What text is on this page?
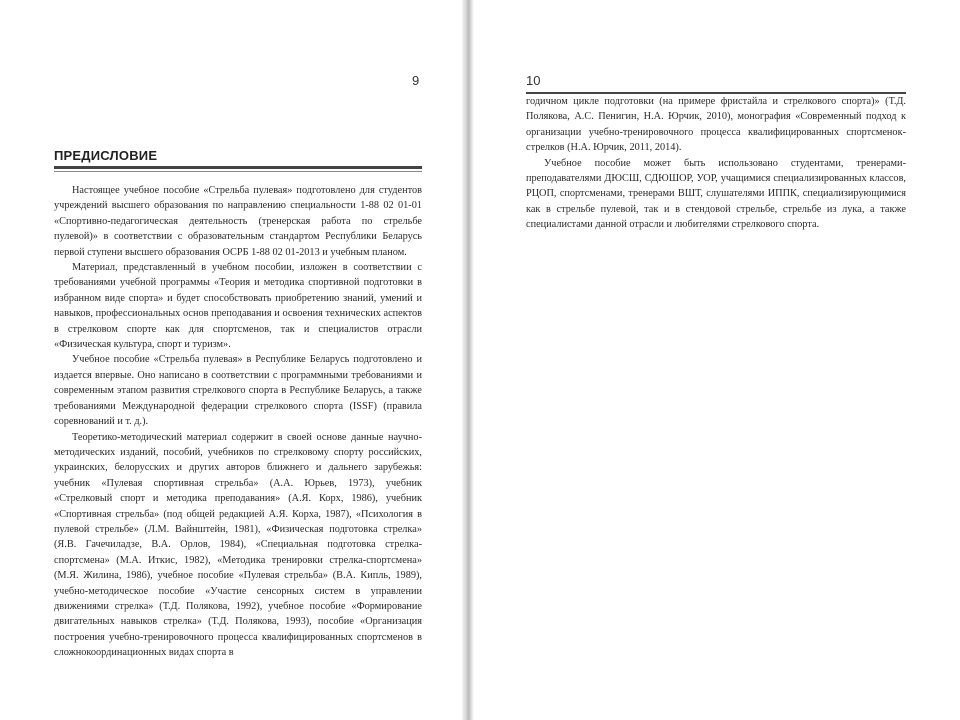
9
ПРЕДИСЛОВИЕ

Настоящее учебное пособие «Стрельба пулевая» подготовлено для студентов учреждений высшего образования по направлению специальности 1-88 02 01-01 «Спортивно-педагогическая деятельность (тренерская работа по стрельбе пулевой)» в соответствии с образовательным стандартом Республики Беларусь первой ступени высшего образования ОСРБ 1-88 02 01-2013 и учебным планом.

Материал, представленный в учебном пособии, изложен в соответствии с требованиями учебной программы «Теория и методика спортивной подготовки в избранном виде спорта» и будет способствовать приобретению знаний, умений и навыков, профессиональных основ преподавания и освоения технических аспектов в стрелковом спорте как для спортсменов, так и специалистов отрасли «Физическая культура, спорт и туризм».

Учебное пособие «Стрельба пулевая» в Республике Беларусь подготовлено и издается впервые. Оно написано в соответствии с программными требованиями и современным этапом развития стрелкового спорта в Республике Беларусь, а также требованиями Международной федерации стрелкового спорта (ISSF) (правила соревнований и т. д.).

Теоретико-методический материал содержит в своей основе данные научно-методических изданий, пособий, учебников по стрелковому спорту российских, украинских, белорусских и других авторов ближнего и дальнего зарубежья: учебник «Пулевая спортивная стрельба» (А.А. Юрьев, 1973), учебник «Стрелковый спорт и методика преподавания» (А.Я. Корх, 1986), учебник «Спортивная стрельба» (под общей редакцией А.Я. Корха, 1987), «Психология в пулевой стрельбе» (Л.М. Вайнштейн, 1981), «Физическая подготовка стрелка» (Я.В. Гачечиладзе, В.А. Орлов, 1984), «Специальная подготовка стрелка-спортсмена» (М.А. Иткис, 1982), «Методика тренировки стрелка-спортсмена» (М.Я. Жилина, 1986), учебное пособие «Пулевая стрельба» (В.А. Кипль, 1989), учебно-методическое пособие «Участие сенсорных систем в управлении движениями стрелка» (Т.Д. Полякова, 1992), учебное пособие «Формирование двигательных навыков стрелка» (Т.Д. Полякова, 1993), пособие «Организация построения учебно-тренировочного процесса квалифицированных спортсменов в сложнокоординационных видах спорта в

10

годичном цикле подготовки (на примере фристайла и стрелкового спорта)» (Т.Д. Полякова, А.С. Пенигин, Н.А. Юрчик, 2010), монография «Современный подход к организации учебно-тренировочного процесса квалифицированных спортсменок-стрелков (Н.А. Юрчик, 2011, 2014).

Учебное пособие может быть использовано студентами, тренерами-преподавателями ДЮСШ, СДЮШОР, УОР, учащимися специализированных классов, РЦОП, спортсменами, тренерами ВШТ, слушателями ИППК, специализирующимися как в стрельбе пулевой, так и в стендовой стрельбе, стрельбе из лука, а также специалистами данной отрасли и любителями стрелкового спорта.
